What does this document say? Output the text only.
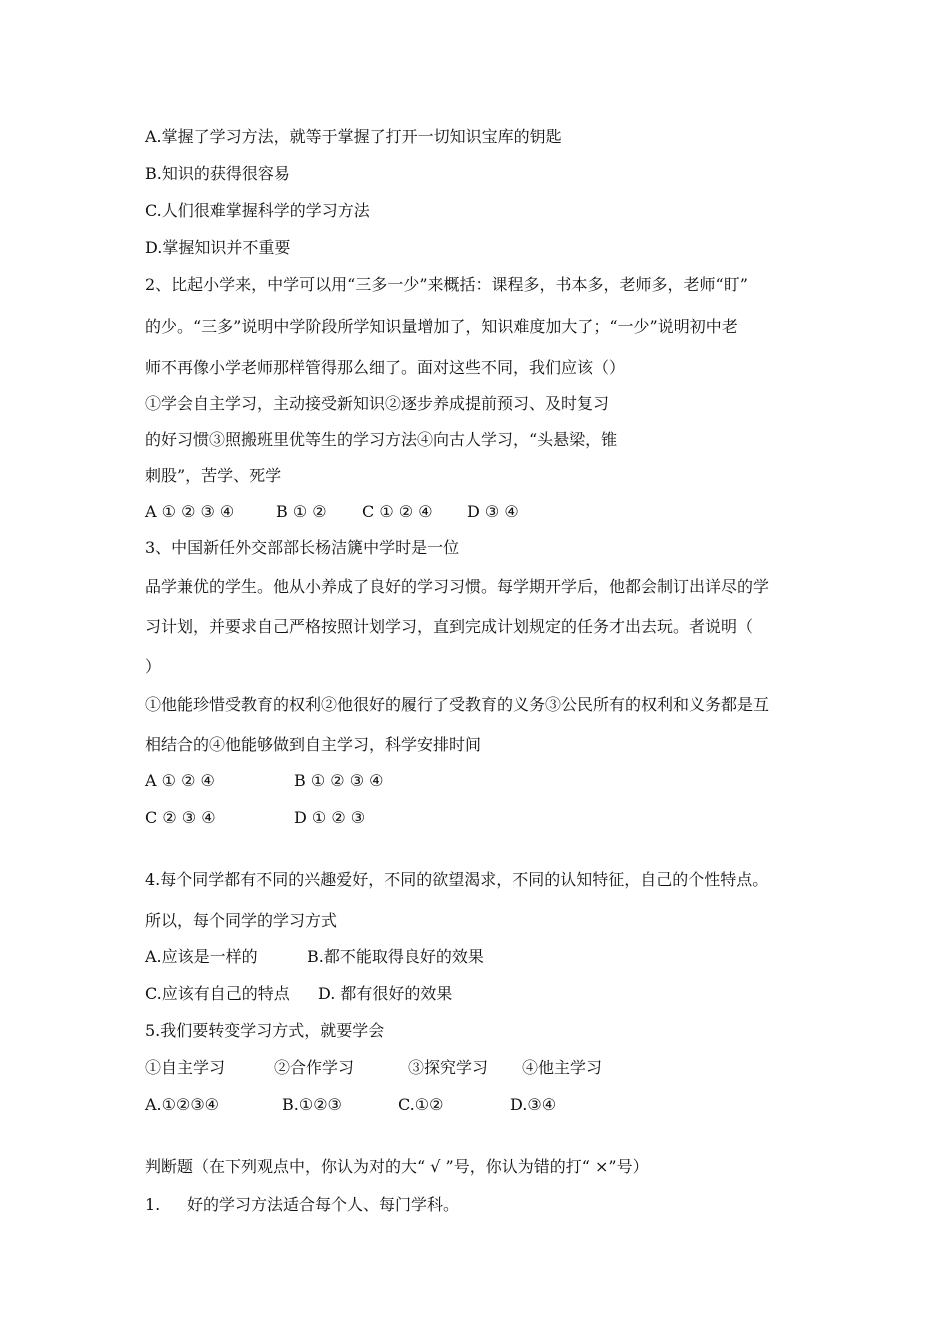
A.掌握了学习方法，就等于掌握了打开一切知识宝库的钥匙
B.知识的获得很容易
C.人们很难掌握科学的学习方法
D.掌握知识并不重要
2、比起小学来，中学可以用“三多一少”来概括：课程多，书本多，老师多，老师“盯”
的少。“三多”说明中学阶段所学知识量增加了，知识难度加大了；“一少”说明初中老
师不再像小学老师那样管得那么细了。面对这些不同，我们应该（）
①学会自主学习，主动接受新知识②逐步养成提前预习、及时复习
的好习惯③照搬班里优等生的学习方法④向古人学习，“头悬梁，锥
刺股”，苦学、死学
A ① ② ③ ④	B ① ② C ① ② ④ D ③ ④
3、中国新任外交部部长杨洁篪中学时是一位
品学兼优的学生。他从小养成了良好的学习习惯。每学期开学后，他都会制订出详尽的学
习计划，并要求自己严格按照计划学习，直到完成计划规定的任务才出去玩。者说明（
）
①他能珍惜受教育的权利②他很好的履行了受教育的义务③公民所有的权利和义务都是互
相结合的④他能够做到自主学习，科学安排时间
A ① ② ④	B ① ② ③ ④
C ② ③ ④	D ① ② ③
4.每个同学都有不同的兴趣爱好，不同的欲望渴求，不同的认知特征，自己的个性特点。
所以，每个同学的学习方式
A.应该是一样的	B.都不能取得良好的效果
C.应该有自己的特点 D. 都有很好的效果
5.我们要转变学习方式，就要学会
①自主学习	②合作学习	③探究学习 ④他主学习
A.①②③④	B.①②③	C.①②	D.③④
判断题（在下列观点中，你认为对的大“ √ ”号，你认为错的打“ ×”号）
1. 好的学习方法适合每个人、每门学科。
